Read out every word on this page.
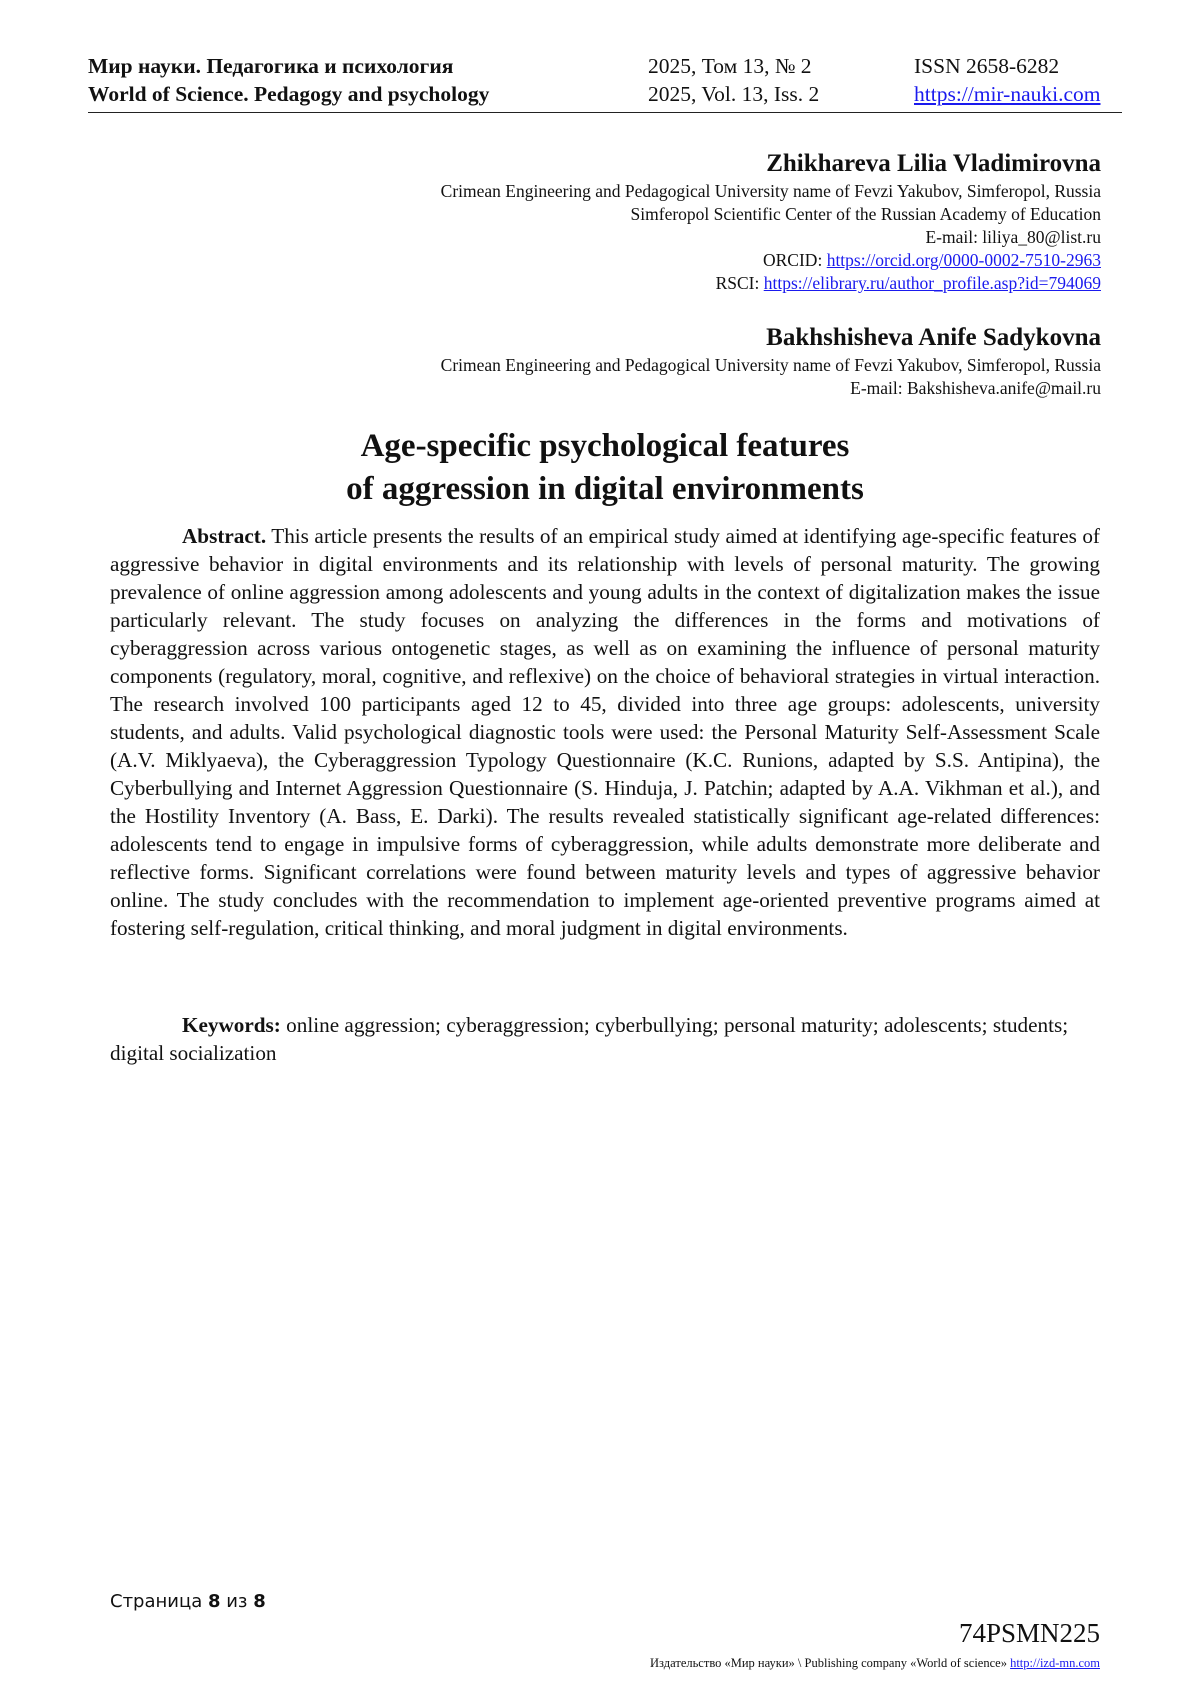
Мир науки. Педагогика и психология
World of Science. Pedagogy and psychology
2025, Том 13, № 2
2025, Vol. 13, Iss. 2
ISSN 2658-6282
https://mir-nauki.com
Zhikhareva Lilia Vladimirovna
Crimean Engineering and Pedagogical University name of Fevzi Yakubov, Simferopol, Russia
Simferopol Scientific Center of the Russian Academy of Education
E-mail: liliya_80@list.ru
ORCID: https://orcid.org/0000-0002-7510-2963
RSCI: https://elibrary.ru/author_profile.asp?id=794069
Bakhshisheva Anife Sadykovna
Crimean Engineering and Pedagogical University name of Fevzi Yakubov, Simferopol, Russia
E-mail: Bakshisheva.anife@mail.ru
Age-specific psychological features
of aggression in digital environments

Abstract. This article presents the results of an empirical study aimed at identifying age-specific features of aggressive behavior in digital environments and its relationship with levels of personal maturity. The growing prevalence of online aggression among adolescents and young adults in the context of digitalization makes the issue particularly relevant. The study focuses on analyzing the differences in the forms and motivations of cyberaggression across various ontogenetic stages, as well as on examining the influence of personal maturity components (regulatory, moral, cognitive, and reflexive) on the choice of behavioral strategies in virtual interaction. The research involved 100 participants aged 12 to 45, divided into three age groups: adolescents, university students, and adults. Valid psychological diagnostic tools were used: the Personal Maturity Self-Assessment Scale (A.V. Miklyaeva), the Cyberaggression Typology Questionnaire (K.C. Runions, adapted by S.S. Antipina), the Cyberbullying and Internet Aggression Questionnaire (S. Hinduja, J. Patchin; adapted by A.A. Vikhman et al.), and the Hostility Inventory (A. Bass, E. Darki). The results revealed statistically significant age-related differences: adolescents tend to engage in impulsive forms of cyberaggression, while adults demonstrate more deliberate and reflective forms. Significant correlations were found between maturity levels and types of aggressive behavior online. The study concludes with the recommendation to implement age-oriented preventive programs aimed at fostering self-regulation, critical thinking, and moral judgment in digital environments.

Keywords: online aggression; cyberaggression; cyberbullying; personal maturity; adolescents; students; digital socialization

Страница 8 из 8
74PSMN225
Издательство «Мир науки» \ Publishing company «World of science» http://izd-mn.com
